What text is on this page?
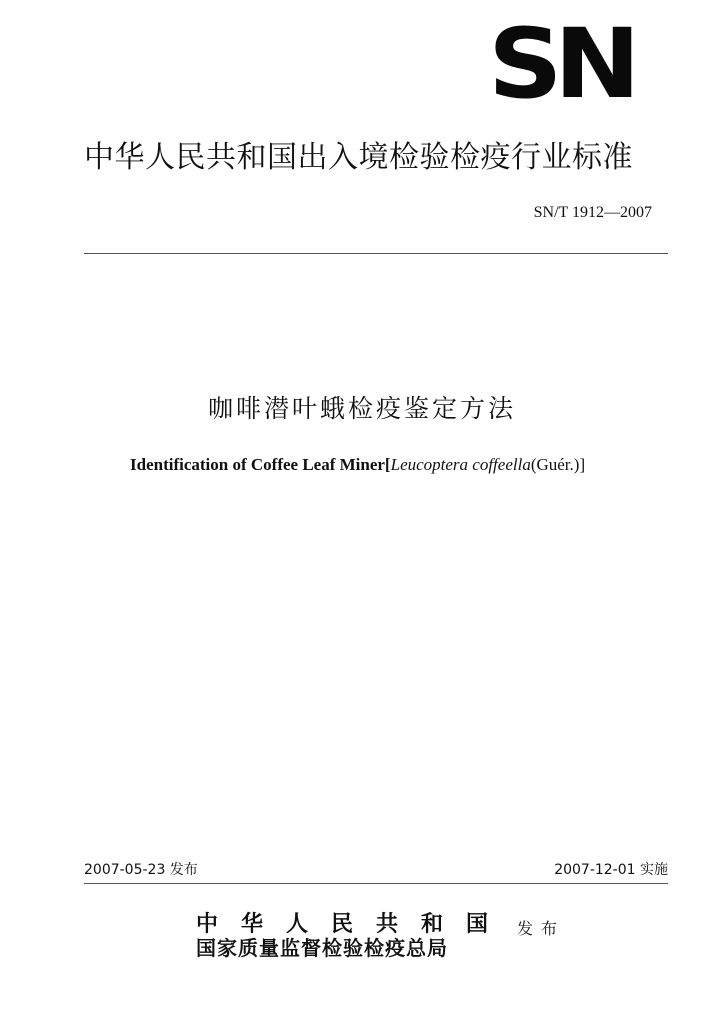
SN
中华人民共和国出入境检验检疫行业标准
SN/T 1912—2007
咖啡潜叶蛾检疫鉴定方法
Identification of Coffee Leaf Miner[Leucoptera coffeella(Guér.)]
2007-05-23 发布	2007-12-01 实施
中华人民共和国
国家质量监督检验检疫总局
发布
